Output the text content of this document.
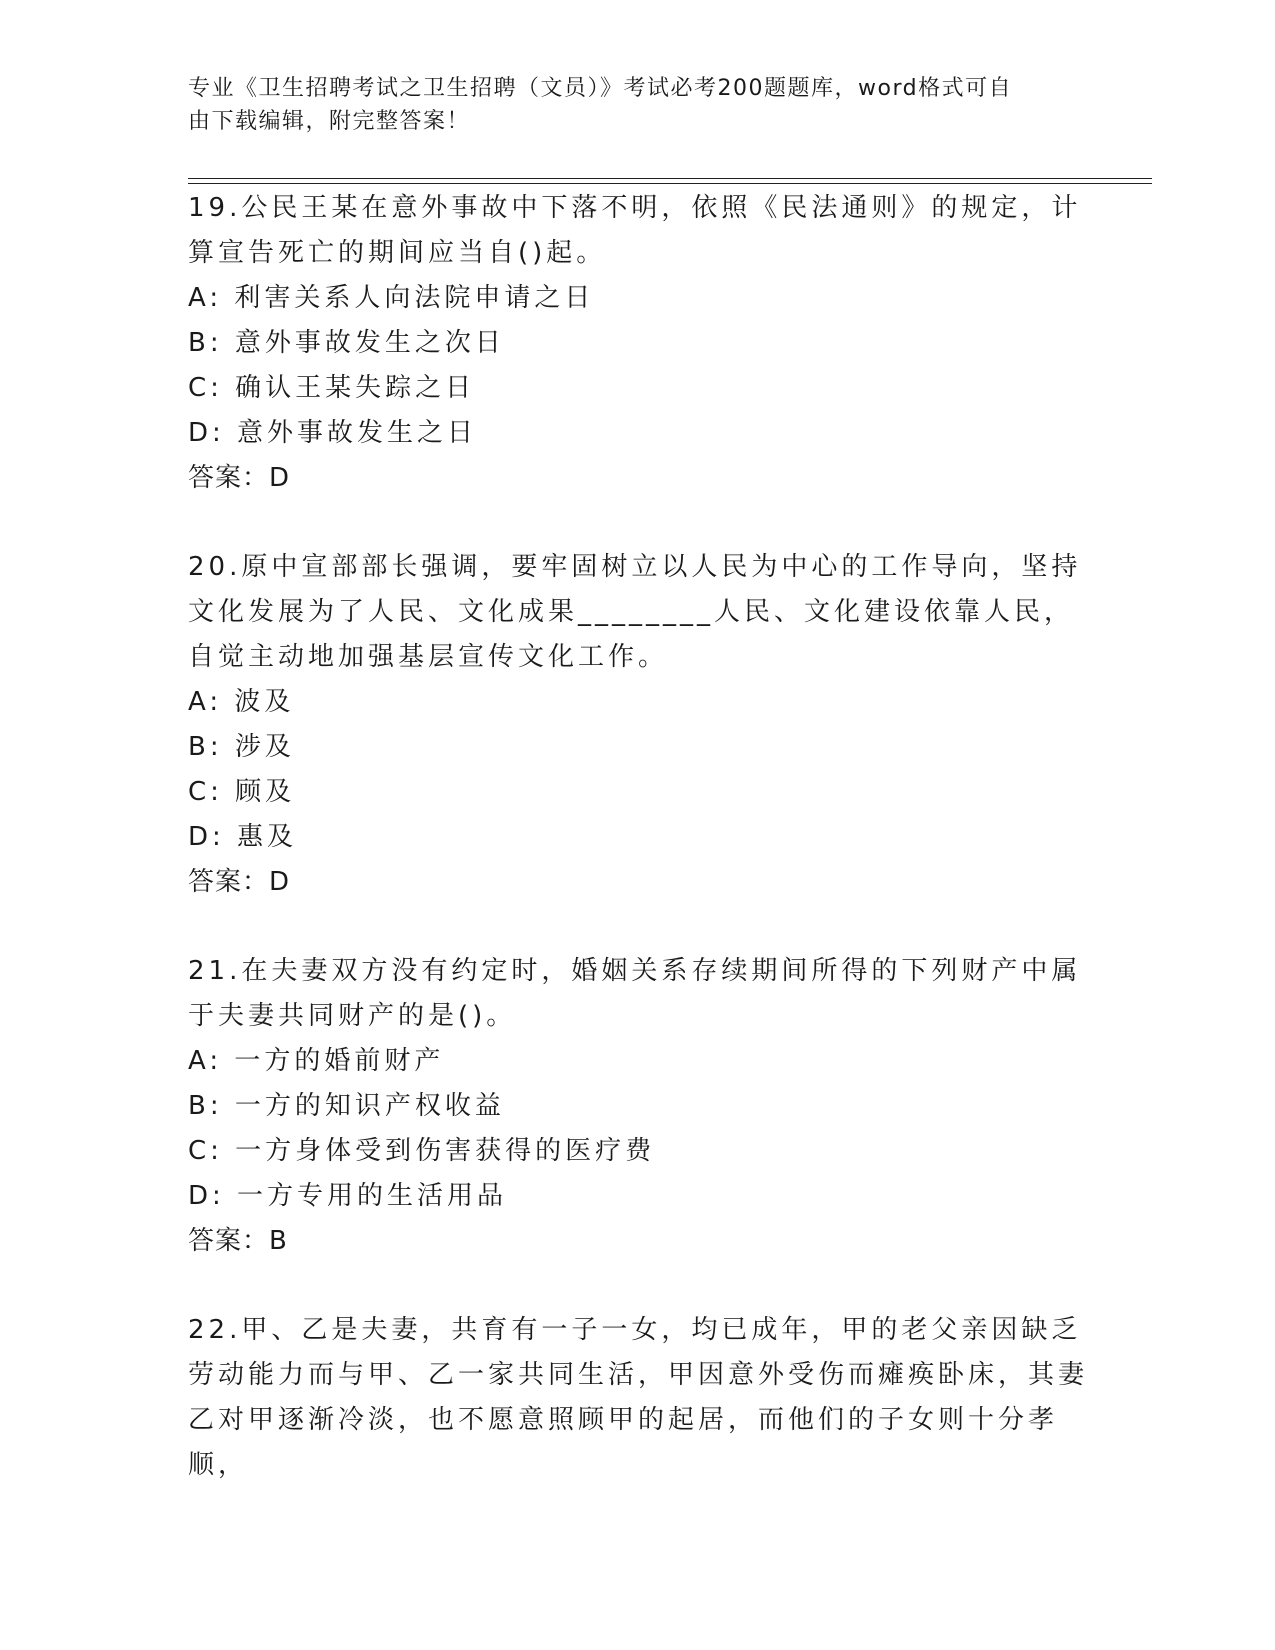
专业《卫生招聘考试之卫生招聘（文员）》考试必考200题题库，word格式可自
由下载编辑，附完整答案！

19.公民王某在意外事故中下落不明，依照《民法通则》的规定，计算宣告死亡的期间应当自()起。

A: 利害关系人向法院申请之日

B: 意外事故发生之次日

C: 确认王某失踪之日

D: 意外事故发生之日

答案：D

20.原中宣部部长强调，要牢固树立以人民为中心的工作导向，坚持文化发展为了人民、文化成果________人民、文化建设依靠人民，自觉主动地加强基层宣传文化工作。

A: 波及

B: 涉及

C: 顾及

D: 惠及

答案：D

21.在夫妻双方没有约定时，婚姻关系存续期间所得的下列财产中属于夫妻共同财产的是()。

A: 一方的婚前财产

B: 一方的知识产权收益

C: 一方身体受到伤害获得的医疗费

D: 一方专用的生活用品

答案：B

22.甲、乙是夫妻，共育有一子一女，均已成年，甲的老父亲因缺乏劳动能力而与甲、乙一家共同生活，甲因意外受伤而瘫痪卧床，其妻乙对甲逐渐冷淡，也不愿意照顾甲的起居，而他们的子女则十分孝顺，
